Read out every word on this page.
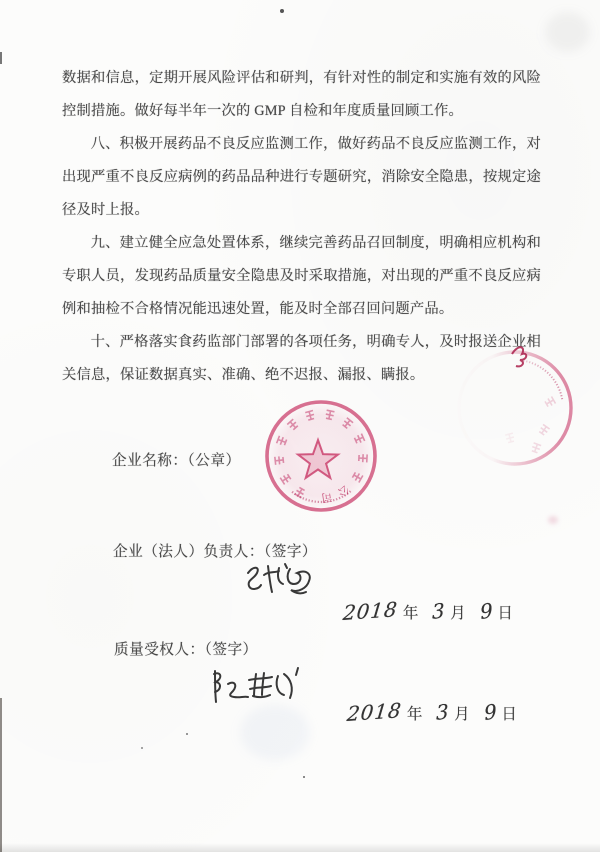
数据和信息，定期开展风险评估和研判，有针对性的制定和实施有效的风险控制措施。做好每半年一次的 GMP 自检和年度质量回顾工作。

八、积极开展药品不良反应监测工作，做好药品不良反应监测工作，对出现严重不良反应病例的药品品种进行专题研究，消除安全隐患，按规定途径及时上报。

九、建立健全应急处置体系，继续完善药品召回制度，明确相应机构和专职人员，发现药品质量安全隐患及时采取措施，对出现的严重不良反应病例和抽检不合格情况能迅速处置，能及时全部召回问题产品。

十、严格落实食药监部门部署的各项任务，明确专人，及时报送企业相关信息，保证数据真实、准确、绝不迟报、漏报、瞒报。

企业名称：（公章）
企业（法人）负责人：（签字）
质量受权人：（签字）
公
司
2018 年 3 月 9 日
2018 年 3 月 9 日
